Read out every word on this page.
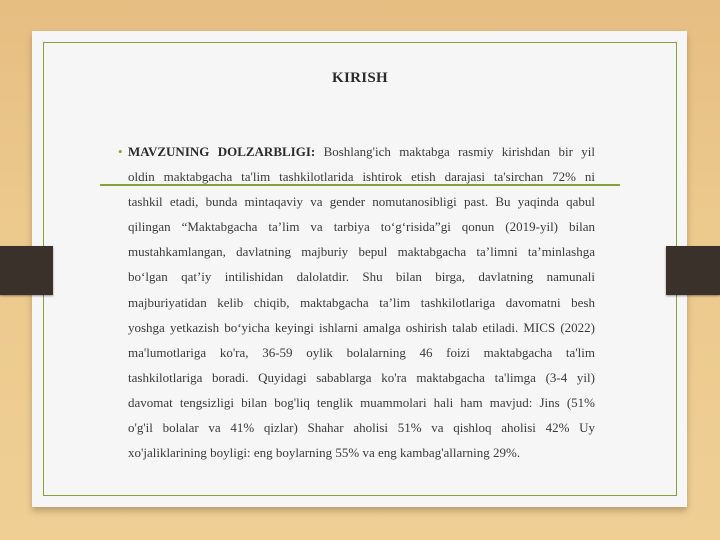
KIRISH
• MAVZUNING DOLZARBLIGI: Boshlang'ich maktabga rasmiy kirishdan bir yil
oldin maktabgacha ta'lim tashkilotlarida ishtirok etish darajasi ta'sirchan 72% ni
tashkil etadi, bunda mintaqaviy va gender nomutanosibligi past. Bu yaqinda qabul
qilingan “Maktabgacha ta’lim va tarbiya to‘g‘risida”gi qonun (2019-yil) bilan
mustahkamlangan, davlatning majburiy bepul maktabgacha ta’limni ta’minlashga
bo‘lgan qat’iy intilishidan dalolatdir. Shu bilan birga, davlatning namunali
majburiyatidan kelib chiqib, maktabgacha ta’lim tashkilotlariga davomatni besh
yoshga yetkazish bo‘yicha keyingi ishlarni amalga oshirish talab etiladi. MICS (2022)
ma'lumotlariga ko'ra, 36-59 oylik bolalarning 46 foizi maktabgacha ta'lim
tashkilotlariga boradi. Quyidagi sabablarga ko'ra maktabgacha ta'limga (3-4 yil)
davomat tengsizligi bilan bog'liq tenglik muammolari hali ham mavjud: Jins (51%
o'g'il bolalar va 41% qizlar) Shahar aholisi 51% va qishloq aholisi 42% Uy
xo'jaliklarining boyligi: eng boylarning 55% va eng kambag'allarning 29%.
